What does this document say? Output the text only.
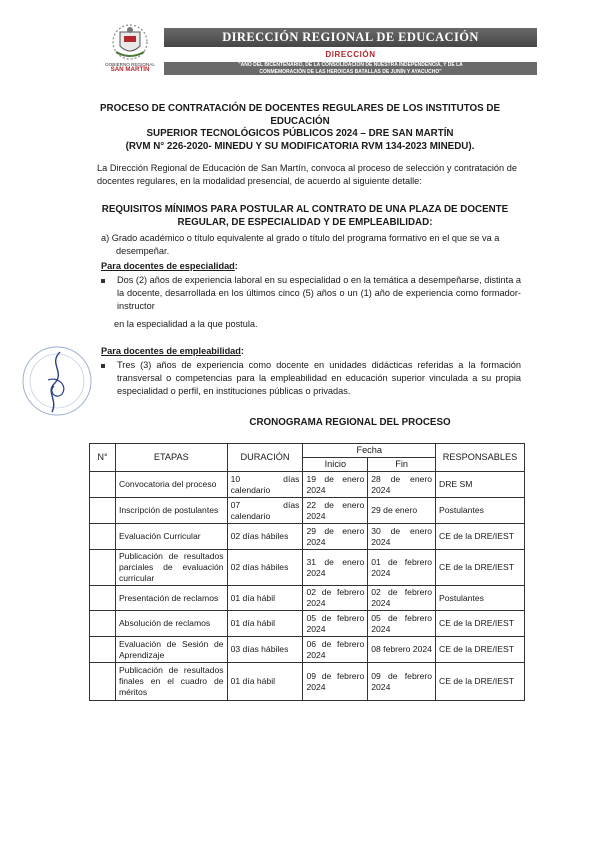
GOBIERNO REGIONAL
SAN MARTÍN
DIRECCIÓN REGIONAL DE EDUCACIÓN
DIRECCIÓN
"AÑO DEL BICENTENARIO, DE LA CONSOLIDACIÓN DE NUESTRA INDEPENDENCIA, Y DE LA
CONMEMORACIÓN DE LAS HEROICAS BATALLAS DE JUNÍN Y AYACUCHO"
PROCESO DE CONTRATACIÓN DE DOCENTES REGULARES DE LOS INSTITUTOS DE EDUCACIÓN
SUPERIOR TECNOLÓGICOS PÚBLICOS 2024 – DRE SAN MARTÍN
(RVM N° 226-2020- MINEDU Y SU MODIFICATORIA RVM 134-2023 MINEDU).
La Dirección Regional de Educación de San Martín, convoca al proceso de selección y contratación de docentes regulares, en la modalidad presencial, de acuerdo al siguiente detalle:
REQUISITOS MÍNIMOS PARA POSTULAR AL CONTRATO DE UNA PLAZA DE DOCENTE
REGULAR, DE ESPECIALIDAD Y DE EMPLEABILIDAD:
a) Grado académico o título equivalente al grado o título del programa formativo en el que se va a
desempeñar.
Para docentes de especialidad:
Dos (2) años de experiencia laboral en su especialidad o en la temática a desempeñarse, distinta a la docente, desarrollada en los últimos cinco (5) años o un (1) año de experiencia como formador-instructor
en la especialidad a la que postula.
Para docentes de empleabilidad:
Tres (3) años de experiencia como docente en unidades didácticas referidas a la formación transversal o competencias para la empleabilidad en educación superior vinculada a su propia especialidad o perfil, en instituciones públicas o privadas.
CRONOGRAMA REGIONAL DEL PROCESO
N°	ETAPAS	DURACIÓN	Fecha		RESPONSABLES
			Inicio	Fin	
	Convocatoria del proceso	10 días calendario	19 de enero 2024	28 de enero 2024	DRE SM
	Inscripción de postulantes	07 días calendario	22 de enero 2024	29 de enero	Postulantes
	Evaluación Curricular	02 días hábiles	29 de enero 2024	30 de enero 2024	CE de la DRE/IEST
	Publicación de resultados parciales de evaluación curricular	02 días hábiles	31 de enero 2024	01 de febrero 2024	CE de la DRE/IEST
	Presentación de reclamos	01 día hábil	02 de febrero 2024	02 de febrero 2024	Postulantes
	Absolución de reclamos	01 día hábil	05 de febrero 2024	05 de febrero 2024	CE de la DRE/IEST
	Evaluación de Sesión de Aprendizaje	03 días hábiles	06 de febrero 2024	08 febrero 2024	CE de la DRE/IEST
	Publicación de resultados finales en el cuadro de méritos	01 día hábil	09 de febrero 2024	09 de febrero 2024	CE de la DRE/IEST
